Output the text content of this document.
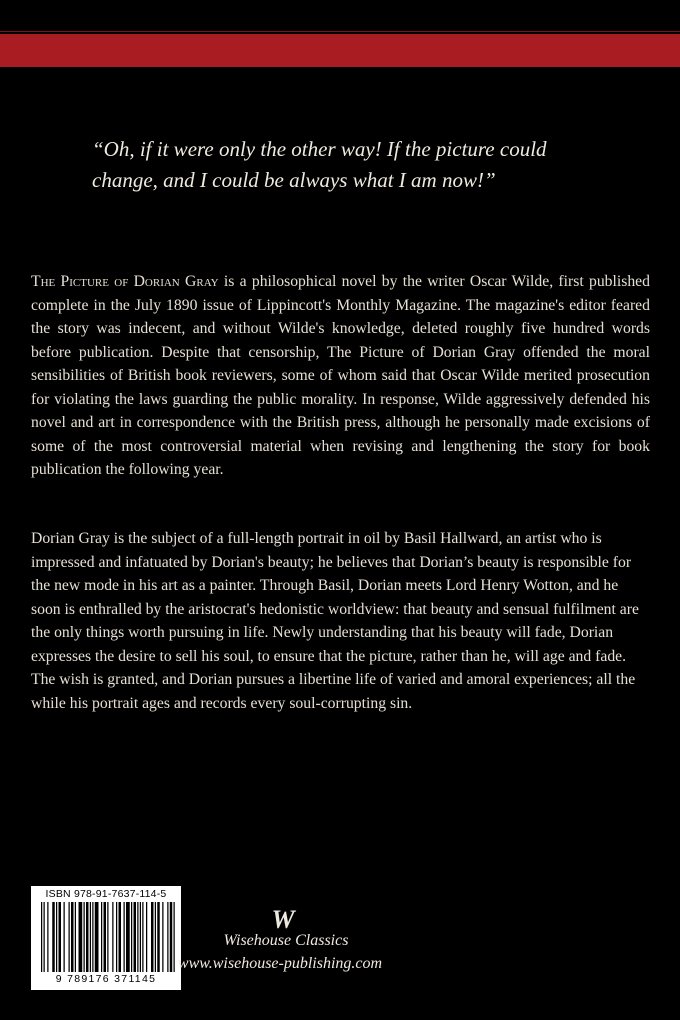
“Oh, if it were only the other way! If the picture could change, and I could be always what I am now!”

The Picture of Dorian Gray is a philosophical novel by the writer Oscar Wilde, first published complete in the July 1890 issue of Lippincott's Monthly Magazine. The magazine's editor feared the story was indecent, and without Wilde's knowledge, deleted roughly five hundred words before publication. Despite that censorship, The Picture of Dorian Gray offended the moral sensibilities of British book reviewers, some of whom said that Oscar Wilde merited prosecution for violating the laws guarding the public morality. In response, Wilde aggressively defended his novel and art in correspondence with the British press, although he personally made excisions of some of the most controversial material when revising and lengthening the story for book publication the following year.

Dorian Gray is the subject of a full-length portrait in oil by Basil Hallward, an artist who is impressed and infatuated by Dorian's beauty; he believes that Dorian’s beauty is responsible for the new mode in his art as a painter. Through Basil, Dorian meets Lord Henry Wotton, and he soon is enthralled by the aristocrat's hedonistic worldview: that beauty and sensual fulfilment are the only things worth pursuing in life. Newly understanding that his beauty will fade, Dorian expresses the desire to sell his soul, to ensure that the picture, rather than he, will age and fade. The wish is granted, and Dorian pursues a libertine life of varied and amoral experiences; all the while his portrait ages and records every soul-corrupting sin.

ISBN 978-91-7637-114-5
9 789176 371145
W
Wisehouse Classics
www.wisehouse-publishing.com
